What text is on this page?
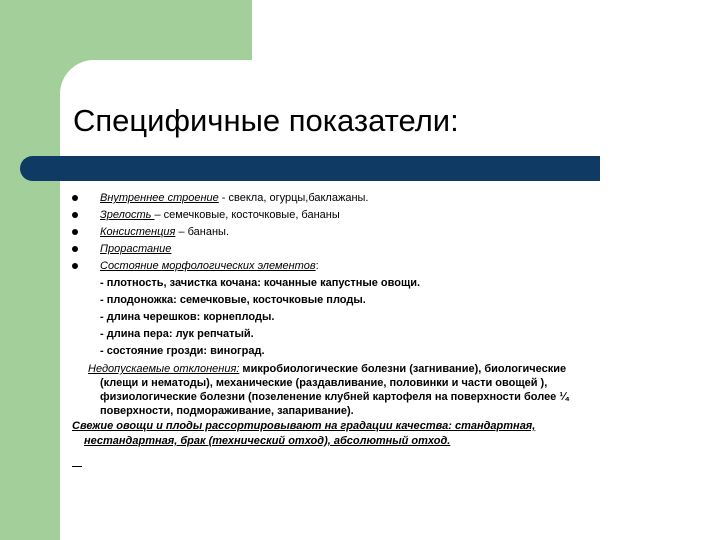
Специфичные показатели:
Внутреннее строение - свекла, огурцы,баклажаны.
Зрелость – семечковые, косточковые, бананы
Консистенция – бананы.
Прорастание
Состояние морфологических элементов:
- плотность, зачистка кочана: кочанные капустные овощи.
- плодоножка: семечковые, косточковые плоды.
- длина черешков: корнеплоды.
- длина пера: лук репчатый.
- состояние грозди: виноград.
Недопускаемые отклонения: микробиологические болезни (загнивание), биологические
(клещи и нематоды), механические (раздавливание, половинки и части овощей ),
физиологические болезни (позеленение клубней картофеля на поверхности более ¼
поверхности, подмораживание, запаривание).
Свежие овощи и плоды рассортировывают на градации качества: стандартная,
нестандартная, брак (технический отход), абсолютный отход.
